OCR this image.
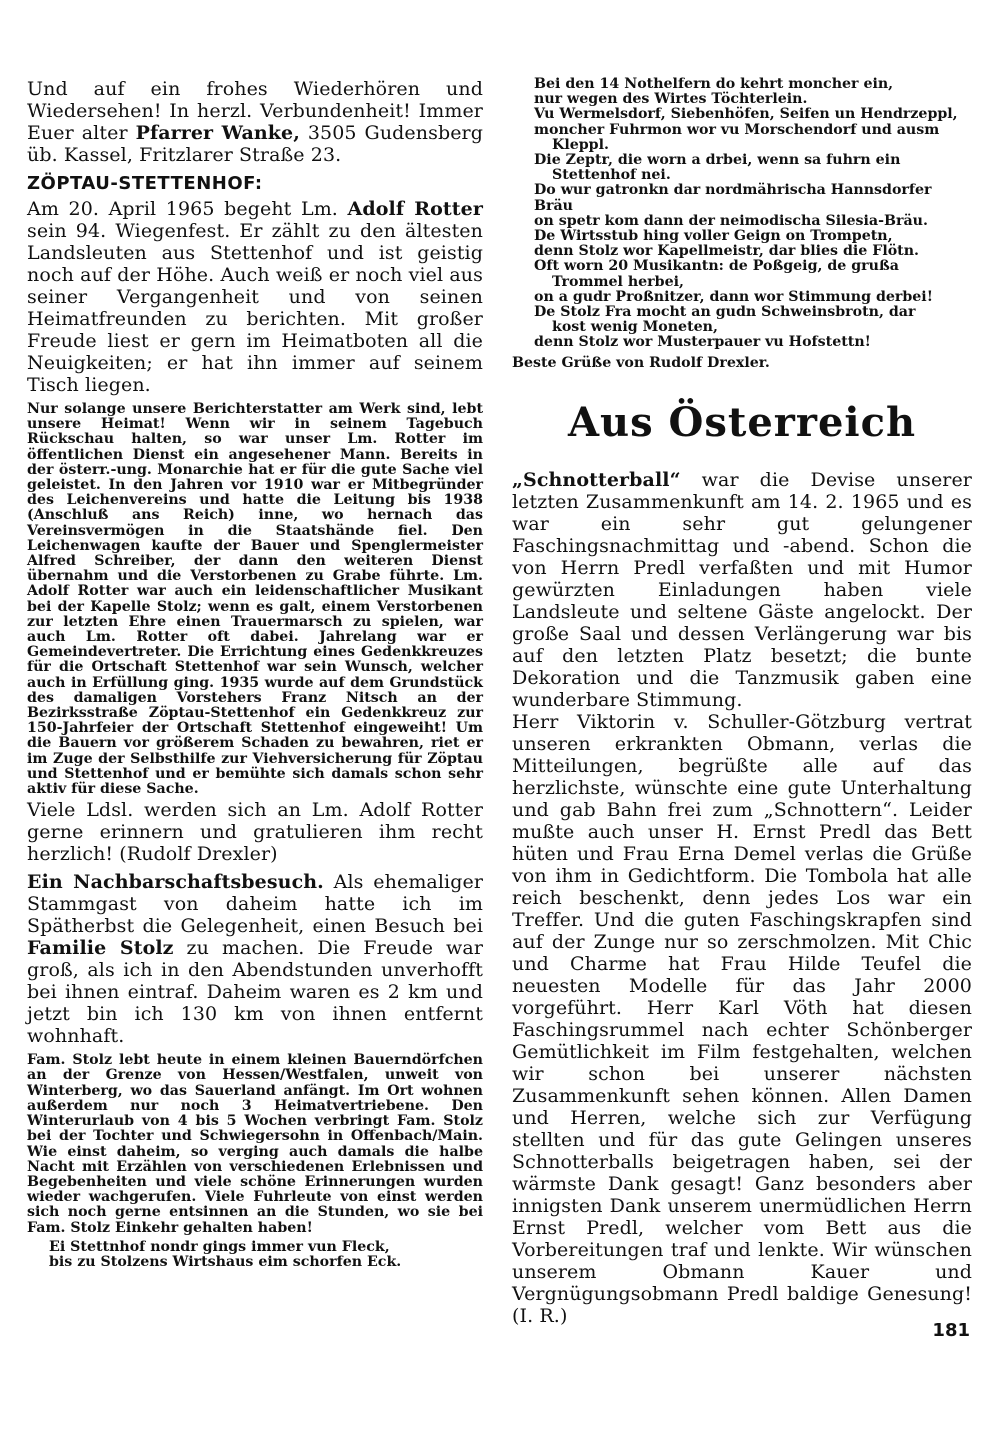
Und auf ein frohes Wiederhören und Wiedersehen! In herzl. Verbundenheit! Immer Euer alter Pfarrer Wanke, 3505 Gudensberg üb. Kassel, Fritzlarer Straße 23.

ZÖPTAU-STETTENHOF:

Am 20. April 1965 begeht Lm. Adolf Rotter sein 94. Wiegenfest. Er zählt zu den ältesten Landsleuten aus Stettenhof und ist geistig noch auf der Höhe. Auch weiß er noch viel aus seiner Vergangenheit und von seinen Heimatfreunden zu berichten. Mit großer Freude liest er gern im Heimatboten all die Neuigkeiten; er hat ihn immer auf seinem Tisch liegen.

Nur solange unsere Berichterstatter am Werk sind, lebt unsere Heimat! Wenn wir in seinem Tagebuch Rückschau halten, so war unser Lm. Rotter im öffentlichen Dienst ein angesehener Mann. Bereits in der österr.-ung. Monarchie hat er für die gute Sache viel geleistet. In den Jahren vor 1910 war er Mitbegründer des Leichenvereins und hatte die Leitung bis 1938 (Anschluß ans Reich) inne, wo hernach das Vereinsvermögen in die Staatshände fiel. Den Leichenwagen kaufte der Bauer und Spenglermeister Alfred Schreiber, der dann den weiteren Dienst übernahm und die Verstorbenen zu Grabe führte. Lm. Adolf Rotter war auch ein leidenschaftlicher Musikant bei der Kapelle Stolz; wenn es galt, einem Verstorbenen zur letzten Ehre einen Trauermarsch zu spielen, war auch Lm. Rotter oft dabei. Jahrelang war er Gemeindevertreter. Die Errichtung eines Gedenkkreuzes für die Ortschaft Stettenhof war sein Wunsch, welcher auch in Erfüllung ging. 1935 wurde auf dem Grundstück des damaligen Vorstehers Franz Nitsch an der Bezirksstraße Zöptau-Stettenhof ein Gedenkkreuz zur 150-Jahrfeier der Ortschaft Stettenhof eingeweiht! Um die Bauern vor größerem Schaden zu bewahren, riet er im Zuge der Selbsthilfe zur Viehversicherung für Zöptau und Stettenhof und er bemühte sich damals schon sehr aktiv für diese Sache.

Viele Ldsl. werden sich an Lm. Adolf Rotter gerne erinnern und gratulieren ihm recht herzlich! (Rudolf Drexler)

Ein Nachbarschaftsbesuch. Als ehemaliger Stammgast von daheim hatte ich im Spätherbst die Gelegenheit, einen Besuch bei Familie Stolz zu machen. Die Freude war groß, als ich in den Abendstunden unverhofft bei ihnen eintraf. Daheim waren es 2 km und jetzt bin ich 130 km von ihnen entfernt wohnhaft.

Fam. Stolz lebt heute in einem kleinen Bauerndörfchen an der Grenze von Hessen/Westfalen, unweit von Winterberg, wo das Sauerland anfängt. Im Ort wohnen außerdem nur noch 3 Heimatvertriebene. Den Winterurlaub von 4 bis 5 Wochen verbringt Fam. Stolz bei der Tochter und Schwiegersohn in Offenbach/Main. Wie einst daheim, so verging auch damals die halbe Nacht mit Erzählen von verschiedenen Erlebnissen und Begebenheiten und viele schöne Erinnerungen wurden wieder wachgerufen. Viele Fuhrleute von einst werden sich noch gerne entsinnen an die Stunden, wo sie bei Fam. Stolz Einkehr gehalten haben!

Ei Stettnhof nondr gings immer vun Fleck,
bis zu Stolzens Wirtshaus eim schorfen Eck.
Bei den 14 Nothelfern do kehrt moncher ein,
nur wegen des Wirtes Töchterlein.
Vu Wermelsdorf, Siebenhöfen, Seifen un Hendrzeppl,
moncher Fuhrmon wor vu Morschendorf und ausm
Kleppl.
Die Zeptr, die worn a drbei, wenn sa fuhrn ein
Stettenhof nei.
Do wur gatronkn dar nordmährischa Hannsdorfer Bräu
on spetr kom dann der neimodischa Silesia-Bräu.
De Wirtsstub hing voller Geign on Trompetn,
denn Stolz wor Kapellmeistr, dar blies die Flötn.
Oft worn 20 Musikantn: de Poßgeig, de grußa
Trommel herbei,
on a gudr Proßnitzer, dann wor Stimmung derbei!
De Stolz Fra mocht an gudn Schweinsbrotn, dar
kost wenig Moneten,
denn Stolz wor Musterpauer vu Hofstettn!

Beste Grüße von Rudolf Drexler.

Aus Österreich

„Schnotterball“ war die Devise unserer letzten Zusammenkunft am 14. 2. 1965 und es war ein sehr gut gelungener Faschingsnachmittag und -abend. Schon die von Herrn Predl verfaßten und mit Humor gewürzten Einladungen haben viele Landsleute und seltene Gäste angelockt. Der große Saal und dessen Verlängerung war bis auf den letzten Platz besetzt; die bunte Dekoration und die Tanzmusik gaben eine wunderbare Stimmung.

Herr Viktorin v. Schuller-Götzburg vertrat unseren erkrankten Obmann, verlas die Mitteilungen, begrüßte alle auf das herzlichste, wünschte eine gute Unterhaltung und gab Bahn frei zum „Schnottern“. Leider mußte auch unser H. Ernst Predl das Bett hüten und Frau Erna Demel verlas die Grüße von ihm in Gedichtform. Die Tombola hat alle reich beschenkt, denn jedes Los war ein Treffer. Und die guten Faschingskrapfen sind auf der Zunge nur so zerschmolzen. Mit Chic und Charme hat Frau Hilde Teufel die neuesten Modelle für das Jahr 2000 vorgeführt. Herr Karl Vöth hat diesen Faschingsrummel nach echter Schönberger Gemütlichkeit im Film festgehalten, welchen wir schon bei unserer nächsten Zusammenkunft sehen können. Allen Damen und Herren, welche sich zur Verfügung stellten und für das gute Gelingen unseres Schnotterballs beigetragen haben, sei der wärmste Dank gesagt! Ganz besonders aber innigsten Dank unserem unermüdlichen Herrn Ernst Predl, welcher vom Bett aus die Vorbereitungen traf und lenkte. Wir wünschen unserem Obmann Kauer und Vergnügungsobmann Predl baldige Genesung! (I. R.)

181
